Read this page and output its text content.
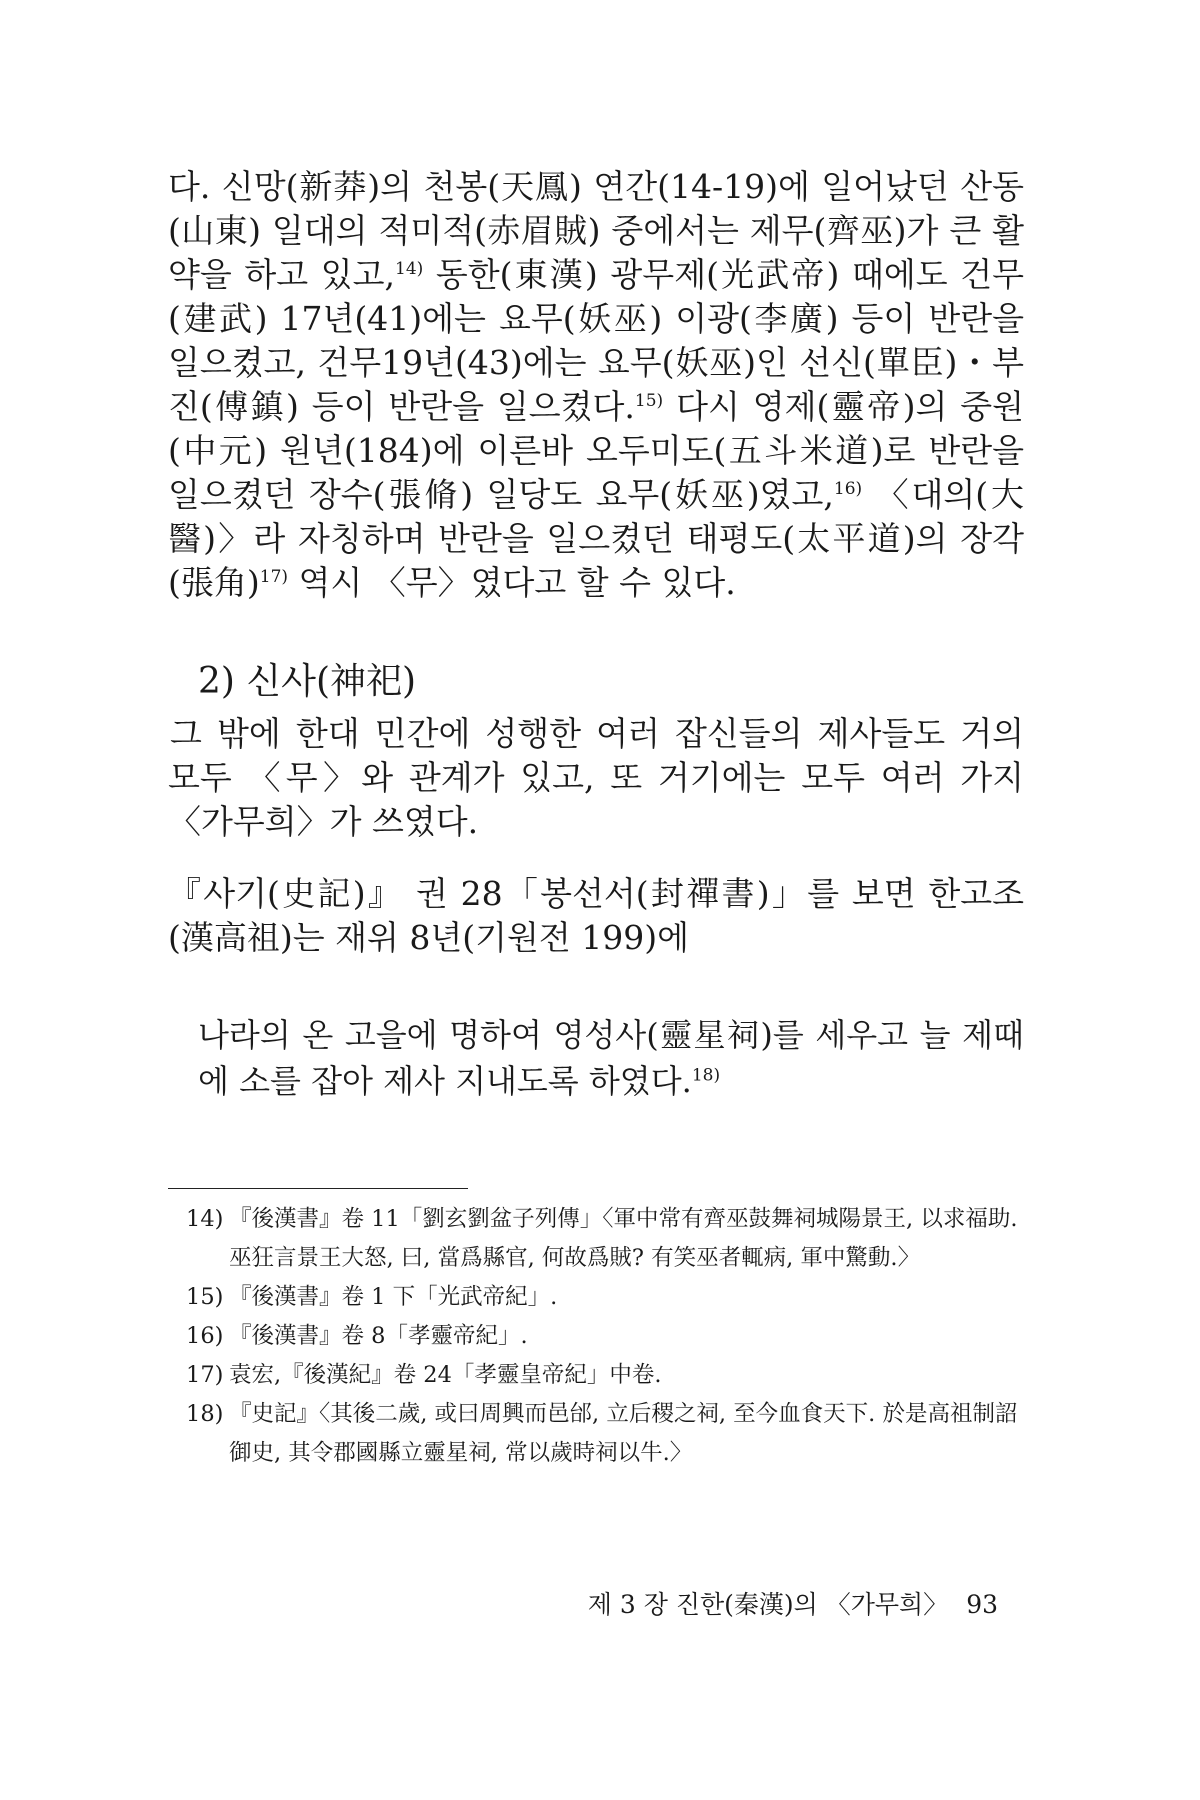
다. 신망(新莽)의 천봉(天鳳) 연간(14-19)에 일어났던 산동(山東) 일대의 적미적(赤眉賊) 중에서는 제무(齊巫)가 큰 활약을 하고 있고,$^{14)}$ 동한(東漢) 광무제(光武帝) 때에도 건무(建武) 17년(41)에는 요무(妖巫) 이광(李廣) 등이 반란을 일으켰고, 건무19년(43)에는 요무(妖巫)인 선신(單臣)・부진(傅鎮) 등이 반란을 일으켰다.$^{15)}$ 다시 영제(靈帝)의 중원(中元) 원년(184)에 이른바 오두미도(五斗米道)로 반란을 일으켰던 장수(張脩) 일당도 요무(妖巫)였고,$^{16)}$ 〈대의(大醫)〉라 자칭하며 반란을 일으켰던 태평도(太平道)의 장각(張角)$^{17)}$ 역시 〈무〉였다고 할 수 있다.

2) 신사(神祀)

그 밖에 한대 민간에 성행한 여러 잡신들의 제사들도 거의 모두 〈무〉와 관계가 있고, 또 거기에는 모두 여러 가지 〈가무희〉가 쓰였다.

『사기(史記)』 권 28「봉선서(封禪書)」를 보면 한고조(漢高祖)는 재위 8년(기원전 199)에

나라의 온 고을에 명하여 영성사(靈星祠)를 세우고 늘 제때에 소를 잡아 제사 지내도록 하였다.$^{18)}$

14) 『後漢書』卷 11「劉玄劉盆子列傳」〈軍中常有齊巫鼓舞祠城陽景王, 以求福助. 巫狂言景王大怒, 曰, 當爲縣官, 何故爲賊? 有笑巫者輒病, 軍中驚動.〉
15) 『後漢書』卷 1 下「光武帝紀」.
16) 『後漢書』卷 8「孝靈帝紀」.
17) 袁宏,『後漢紀』卷 24「孝靈皇帝紀」中卷.
18) 『史記』〈其後二歲, 或曰周興而邑邰, 立后稷之祠, 至今血食天下. 於是高祖制詔御史, 其令郡國縣立靈星祠, 常以歲時祠以牛.〉
제 3 장 진한(秦漢)의 〈가무희〉 93
